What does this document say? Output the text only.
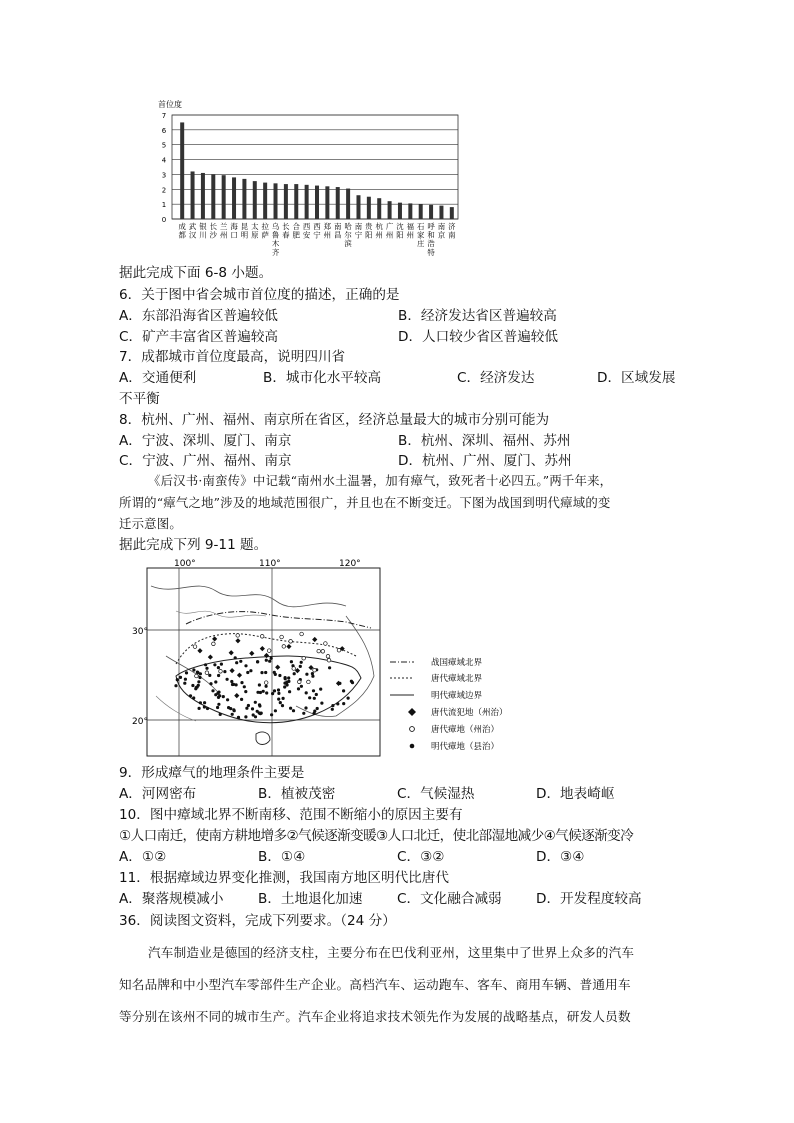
首位度
0
1
2
3
4
5
6
7
成都
武汉
银川
长沙
兰州
海口
昆明
太原
拉萨
乌鲁木齐
长春
合肥
西安
西宁
郑州
南昌
哈尔滨
南宁
贵阳
杭州
广州
沈阳
福州
石家庄
呼和浩特
南京
济南
据此完成下面 6-8 小题。
6．关于图中省会城市首位度的描述，正确的是
A．东部沿海省区普遍较低	B．经济发达省区普遍较高
C．矿产丰富省区普遍较高	D．人口较少省区普遍较低
7．成都城市首位度最高，说明四川省
A．交通便利	B．城市化水平较高	C．经济发达	D．区域发展
不平衡
8．杭州、广州、福州、南京所在省区，经济总量最大的城市分别可能为
A．宁波、深圳、厦门、南京	B．杭州、深圳、福州、苏州
C．宁波、广州、福州、南京	D．杭州、广州、厦门、苏州
《后汉书·南蛮传》中记载“南州水土温暑，加有瘴气，致死者十必四五。”两千年来，
所谓的“瘴气之地”涉及的地域范围很广，并且也在不断变迁。下图为战国到明代瘴域的变
迁示意图。
据此完成下列 9-11 题。
100°	110°	120°
30°
20°
战国瘴域北界
唐代瘴域北界
明代瘴域边界
唐代流犯地（州治）
唐代瘴地（州治）
明代瘴地（县治）
9．形成瘴气的地理条件主要是
A．河网密布	B．植被茂密	C．气候湿热	D．地表崎岖
10．图中瘴域北界不断南移、范围不断缩小的原因主要有
①人口南迁，使南方耕地增多②气候逐渐变暖③人口北迁，使北部湿地减少④气候逐渐变冷
A．①②	B．①④	C．③②	D．③④
11．根据瘴域边界变化推测，我国南方地区明代比唐代
A．聚落规模减小	B．土地退化加速	C．文化融合减弱	D．开发程度较高
36．阅读图文资料，完成下列要求。（24 分）
汽车制造业是德国的经济支柱，主要分布在巴伐利亚州，这里集中了世界上众多的汽车
知名品牌和中小型汽车零部件生产企业。高档汽车、运动跑车、客车、商用车辆、普通用车
等分别在该州不同的城市生产。汽车企业将追求技术领先作为发展的战略基点，研发人员数
